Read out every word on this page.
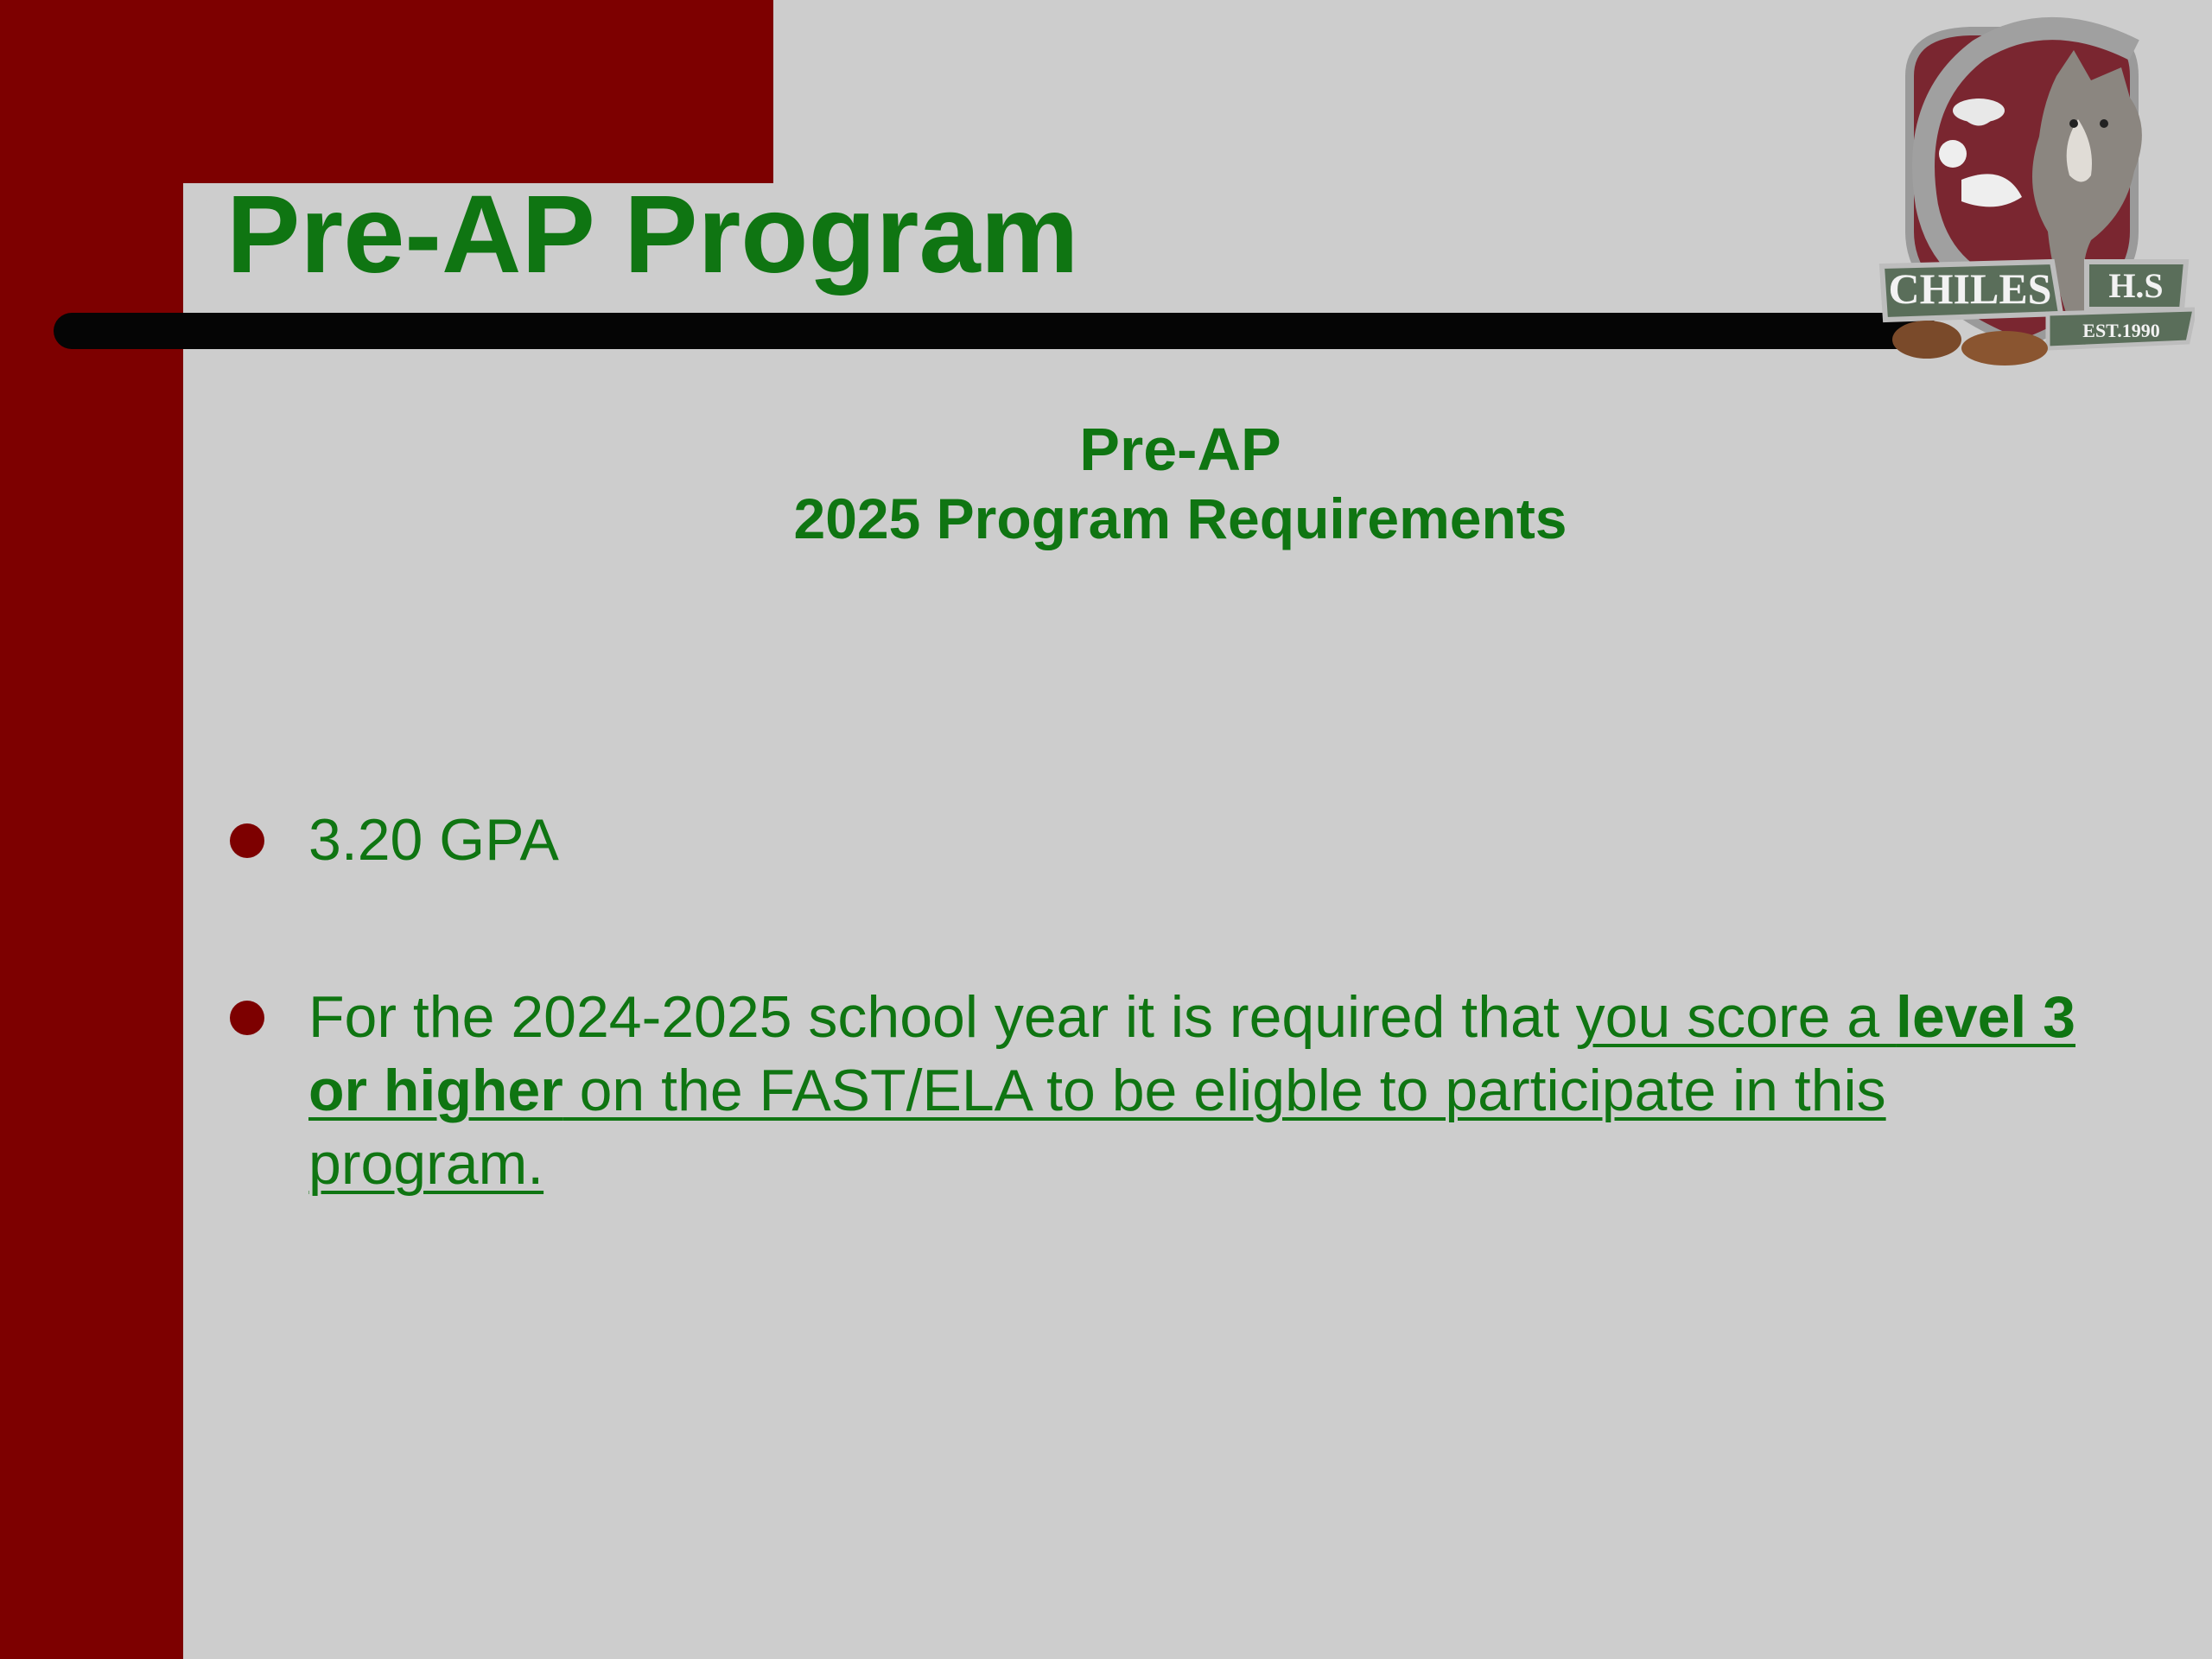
Pre-AP Program	CHILES H.S
EST.1990
Pre-AP
2025 Program Requirements
3.20 GPA
For the 2024-2025 school year it is required that you score a level 3 or higher on the FAST/ELA to be eligble to participate in this program.
